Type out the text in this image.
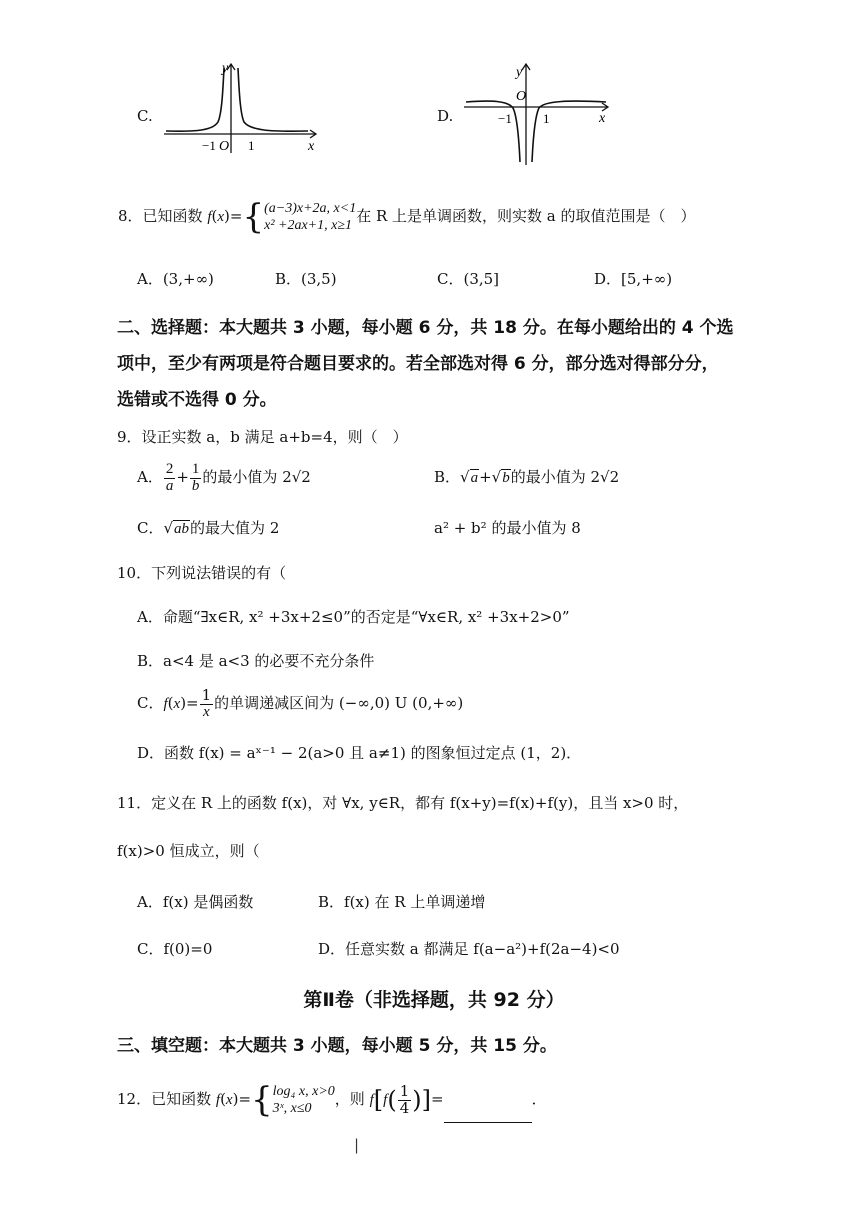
C.
y
x
−1 O 1
D.
y
O
x
−1 1
8．已知函数 f(x)={ (a−3)x+2a, x<1
x² +2ax+1, x≥1
在 R 上是单调函数，则实数 a 的取值范围是（　）
A．(3,+∞)	B．(3,5)	C．(3,5]	D．[5,+∞)
二、选择题：本大题共 3 小题，每小题 6 分，共 18 分。在每小题给出的 4 个选
项中，至少有两项是符合题目要求的。若全部选对得 6 分，部分选对得部分分，
选错或不选得 0 分。
9．设正实数 a，b 满足 a+b=4，则（　）
A． $\frac{2}{a} + \frac{1}{b}$ 的最小值为 2√2	B．√a+√b的最小值为 2√2
C．√ab的最大值为 2	a² + b² 的最小值为 8
10．下列说法错误的有（
A．命题“∃x∈R, x² +3x+2≤0”的否定是“∀x∈R, x² +3x+2>0”
B．a<4 是 a<3 的必要不充分条件
C．$f(x)= \frac{1}{x}$ 的单调递减区间为 (−∞,0) U (0,+∞)
D．函数 f(x) = aˣ⁻¹ − 2(a>0 且 a≠1) 的图象恒过定点 (1，2)．
11．定义在 R 上的函数 f(x)，对 ∀x, y∈R，都有 f(x+y)=f(x)+f(y)，且当 x>0 时，
f(x)>0 恒成立，则（
A．f(x) 是偶函数	B．f(x) 在 R 上单调递增
C．f(0)=0	D．任意实数 a 都满足 f(a−a²)+f(2a−4)<0
第Ⅱ卷（非选择题，共 92 分）
三、填空题：本大题共 3 小题，每小题 5 分，共 15 分。
12．已知函数 f(x)={ log₄ x, x>0
3ˣ, x≤0
，则 $f[f( \frac{1}{4}$ )]=	．
|
